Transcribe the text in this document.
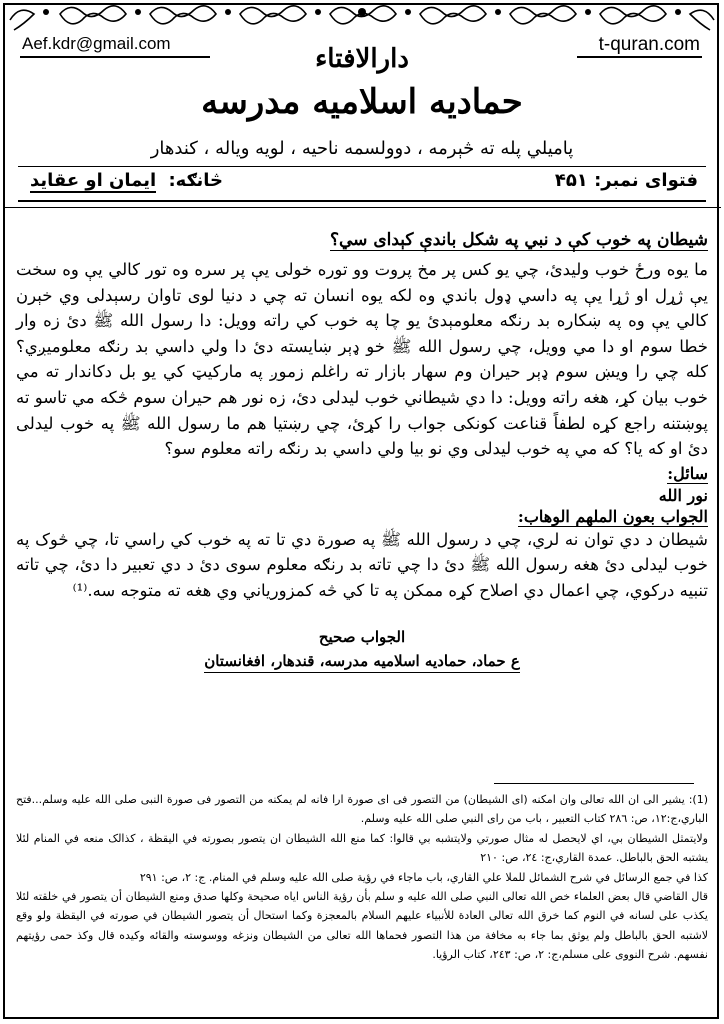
Aef.kdr@gmail.com	t-quran.com
دارالافتاء
حمادیه اسلامیه مدرسه
پامیلي پله ته څېرمه ، دوولسمه ناحیه ، لویه ویاله ، کندهار
فتوای نمبر: ۴۵۱
څانګه: ایمان او عقاید
شیطان په خوب کې د نبي په شکل باندې کېدای سي؟

ما یوه ورځ خوب ولیدئ، چي یو کس پر مخ پروت وو توره خولی یې پر سره وه تور کالي یې وه سخت یې ژړل او ژړا یې په داسي ډول باندي وه لکه یوه انسان ته چي د دنیا لوی تاوان رسېدلی وي خېرن کالي یې وه په ښکاره بد رنګه معلومېدئ یو چا په خوب کي راته وویل: دا رسول الله ﷺ دئ زه وار خطا سوم او دا مي وویل، چي رسول الله ﷺ خو ډېر ښایسته دئ دا ولي داسي بد رنګه معلومیږي؟ کله چي را ویښ سوم ډېر حیران وم سهار بازار ته راغلم زموږ په مارکیټ کي یو بل دکاندار ته مي خوب بیان کړ، هغه راته وویل: دا دي شیطاني خوب لیدلی دئ، زه نور هم حیران سوم څکه مي تاسو ته پوښتنه راجع کړه لطفاً قناعت کونکی جواب را کړئ، چي رښتیا هم ما رسول الله ﷺ په خوب لیدلی دئ او که یا؟ که مي په خوب لیدلی وي نو بیا ولي داسي بد رنګه راته معلوم سو؟

سائل:
نور الله
الجواب بعون الملهم الوهاب:

شیطان د دي توان نه لري، چي د رسول الله ﷺ په صورة دي تا ته په خوب کي راسي تا، چي څوک په خوب لیدلی دئ هغه رسول الله ﷺ دئ دا چي تاته بد رنګه معلوم سوی دئ د دي تعبیر دا دئ، چي تاته تنبیه درکوي، چي اعمال دي اصلاح کړه ممکن په تا کي څه کمزوریاني وي هغه ته متوجه سه.⁽¹⁾

الجواب صحیح
ع حماد، حمادیه اسلامیه مدرسه، قندهار، افغانستان

(1): يشير الى ان الله تعالى وان امكنه (اى الشيطان) من التصور فى اى صورة ارا فانه لم يمكنه من التصور فى صورة النبى صلى الله عليه وسلم...فتح الباري،ج:١٢، ص: ٢٨٦ كتاب التعبير ، باب من راى النبي صلى الله عليه وسلم.

ولايتمثل الشيطان بي، اي لايحصل له مثال صورتي ولايتشبه بي قالوا: كما منع الله الشيطان ان يتصور بصورته في اليقظة ، كذالک منعه في المنام لئلا يشتبه الحق بالباطل. عمدة القاري،ج: ٢٤، ص: ٢١٠

كذا في جمع الرسائل في شرح الشمائل للملا علي القاري، باب ماجاء في رؤية صلى الله عليه وسلم في المنام. ج: ٢، ص: ٢٩١

قال القاضي قال بعض العلماء خص الله تعالى النبي صلى الله عليه و سلم بأن رؤية الناس اياه صحيحة وكلها صدق ومنع الشيطان أن يتصور في خلقته لئلا يكذب على لسانه في النوم كما خرق الله تعالى العادة للأنبياء عليهم السلام بالمعجزة وكما استحال أن يتصور الشيطان في صورته في اليقظة ولو وقع لاشتبه الحق بالباطل ولم يوثق بما جاء به مخافة من هذا التصور فحماها الله تعالى من الشيطان ونزغه ووسوسته والقائه وكيده قال وكذ حمى رؤيتهم نفسهم. شرح النووى على مسلم،ج: ٢، ص: ٢٤٣، كتاب الرؤيا.
